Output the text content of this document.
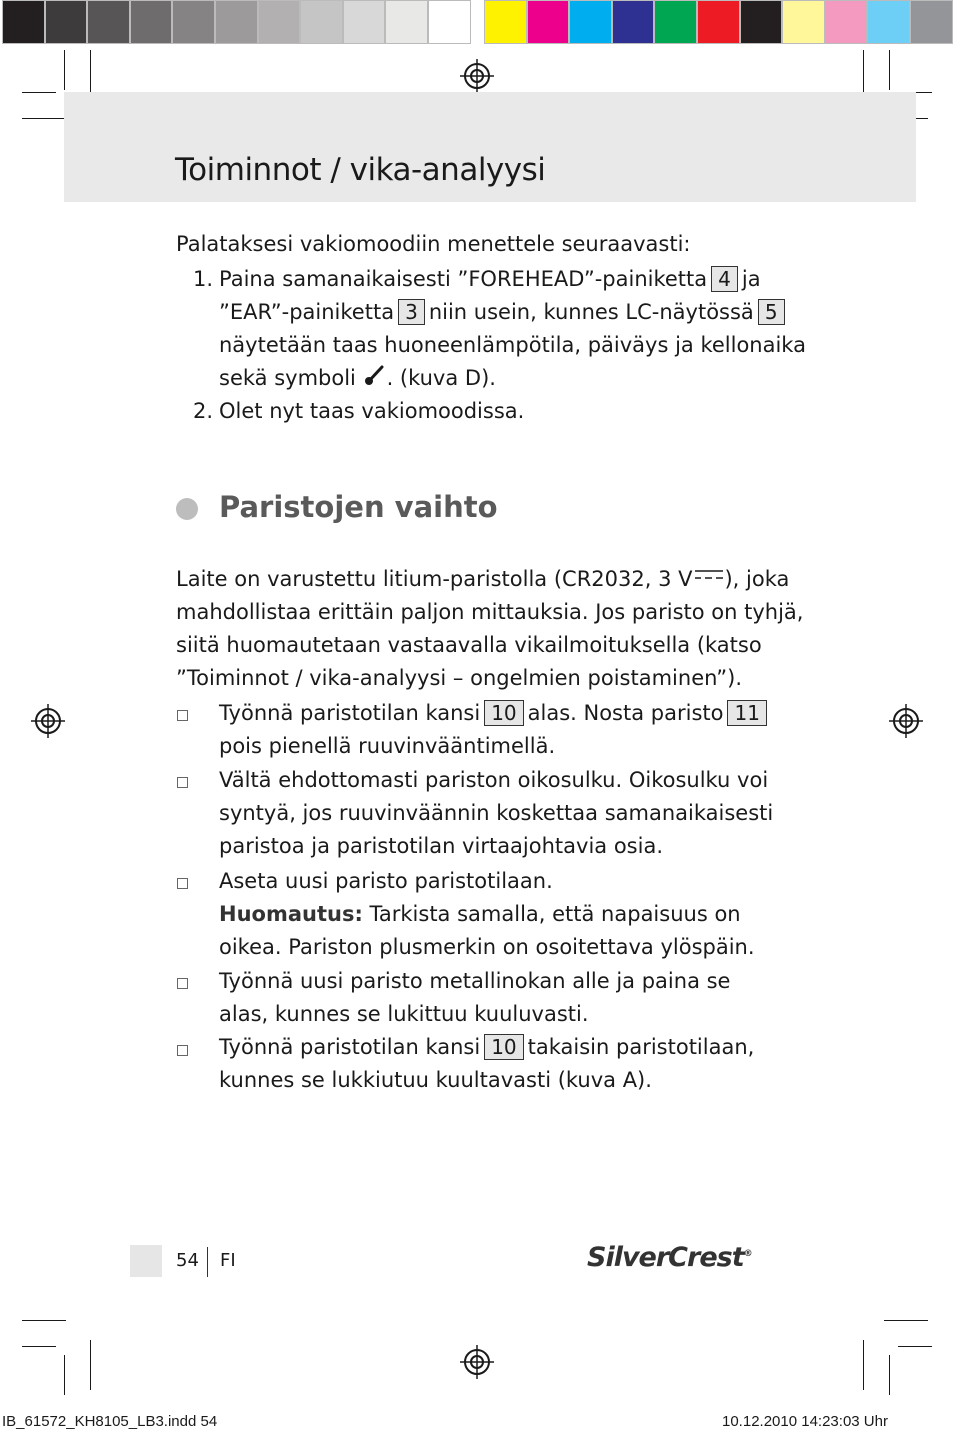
Toiminnot / vika-analyysi
Palataksesi vakiomoodiin menettele seuraavasti:
1. Paina samanaikaisesti ”FOREHEAD”-painiketta 4 ja
”EAR”-painiketta 3 niin usein, kunnes LC-näytössä 5
näytetään taas huoneenlämpötila, päiväys ja kellonaika
sekä symboli . (kuva D).
2. Olet nyt taas vakiomoodissa.
Paristojen vaihto
Laite on varustettu litium-paristolla (CR2032, 3 V ), joka
mahdollistaa erittäin paljon mittauksia. Jos paristo on tyhjä,
siitä huomautetaan vastaavalla vikailmoituksella (katso
”Toiminnot / vika-analyysi – ongelmien poistaminen”).
Työnnä paristotilan kansi 10 alas. Nosta paristo 11
pois pienellä ruuvinvääntimellä.
Vältä ehdottomasti pariston oikosulku. Oikosulku voi
syntyä, jos ruuvinväännin koskettaa samanaikaisesti
paristoa ja paristotilan virtaajohtavia osia.
Aseta uusi paristo paristotilaan.
Huomautus: Tarkista samalla, että napaisuus on
oikea. Pariston plusmerkin on osoitettava ylöspäin.
Työnnä uusi paristo metallinokan alle ja paina se
alas, kunnes se lukittuu kuuluvasti.
Työnnä paristotilan kansi 10 takaisin paristotilaan,
kunnes se lukkiutuu kuultavasti (kuva A).
54 FI	SilverCrest®
IB_61572_KH8105_LB3.indd 54	10.12.2010 14:23:03 Uhr
